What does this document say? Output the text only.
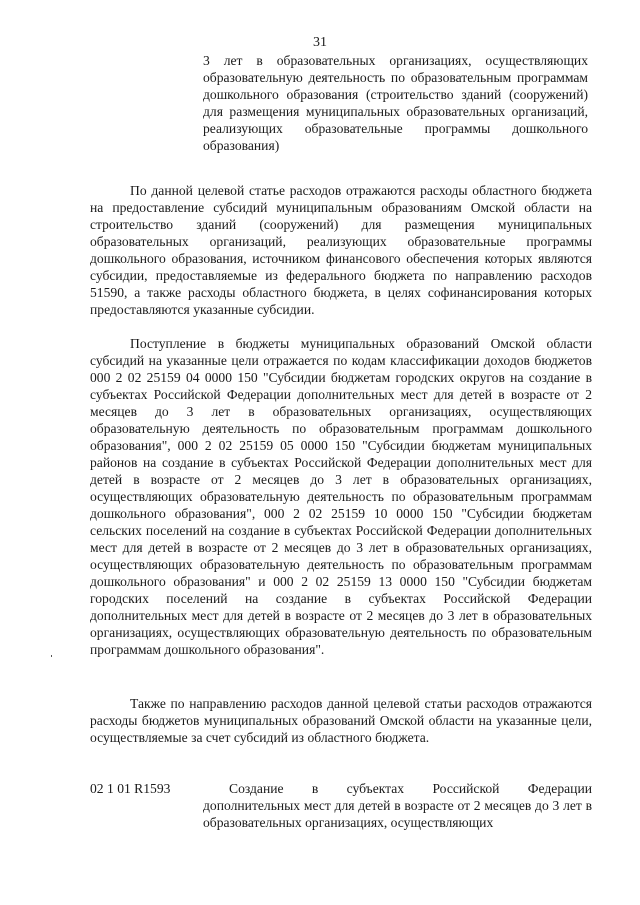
31
3 лет в образовательных организациях, осуществляющих образовательную деятельность по образовательным программам дошкольного образования (строительство зданий (сооружений) для размещения муниципальных образовательных организаций, реализующих образовательные программы дошкольного образования)

По данной целевой статье расходов отражаются расходы областного бюджета на предоставление субсидий муниципальным образованиям Омской области на строительство зданий (сооружений) для размещения муниципальных образовательных организаций, реализующих образовательные программы дошкольного образования, источником финансового обеспечения которых являются субсидии, предоставляемые из федерального бюджета по направлению расходов 51590, а также расходы областного бюджета, в целях софинансирования которых предоставляются указанные субсидии.

Поступление в бюджеты муниципальных образований Омской области субсидий на указанные цели отражается по кодам классификации доходов бюджетов 000 2 02 25159 04 0000 150 "Субсидии бюджетам городских округов на создание в субъектах Российской Федерации дополнительных мест для детей в возрасте от 2 месяцев до 3 лет в образовательных организациях, осуществляющих образовательную деятельность по образовательным программам дошкольного образования", 000 2 02 25159 05 0000 150 "Субсидии бюджетам муниципальных районов на создание в субъектах Российской Федерации дополнительных мест для детей в возрасте от 2 месяцев до 3 лет в образовательных организациях, осуществляющих образовательную деятельность по образовательным программам дошкольного образования", 000 2 02 25159 10 0000 150 "Субсидии бюджетам сельских поселений на создание в субъектах Российской Федерации дополнительных мест для детей в возрасте от 2 месяцев до 3 лет в образовательных организациях, осуществляющих образовательную деятельность по образовательным программам дошкольного образования" и 000 2 02 25159 13 0000 150 "Субсидии бюджетам городских поселений на создание в субъектах Российской Федерации дополнительных мест для детей в возрасте от 2 месяцев до 3 лет в образовательных организациях, осуществляющих образовательную деятельность по образовательным программам дошкольного образования".

Также по направлению расходов данной целевой статьи расходов отражаются расходы бюджетов муниципальных образований Омской области на указанные цели, осуществляемые за счет субсидий из областного бюджета.

02 1 01 R1593	Создание в субъектах Российской Федерации дополнительных мест для детей в возрасте от 2 месяцев до 3 лет в образовательных организациях, осуществляющих
